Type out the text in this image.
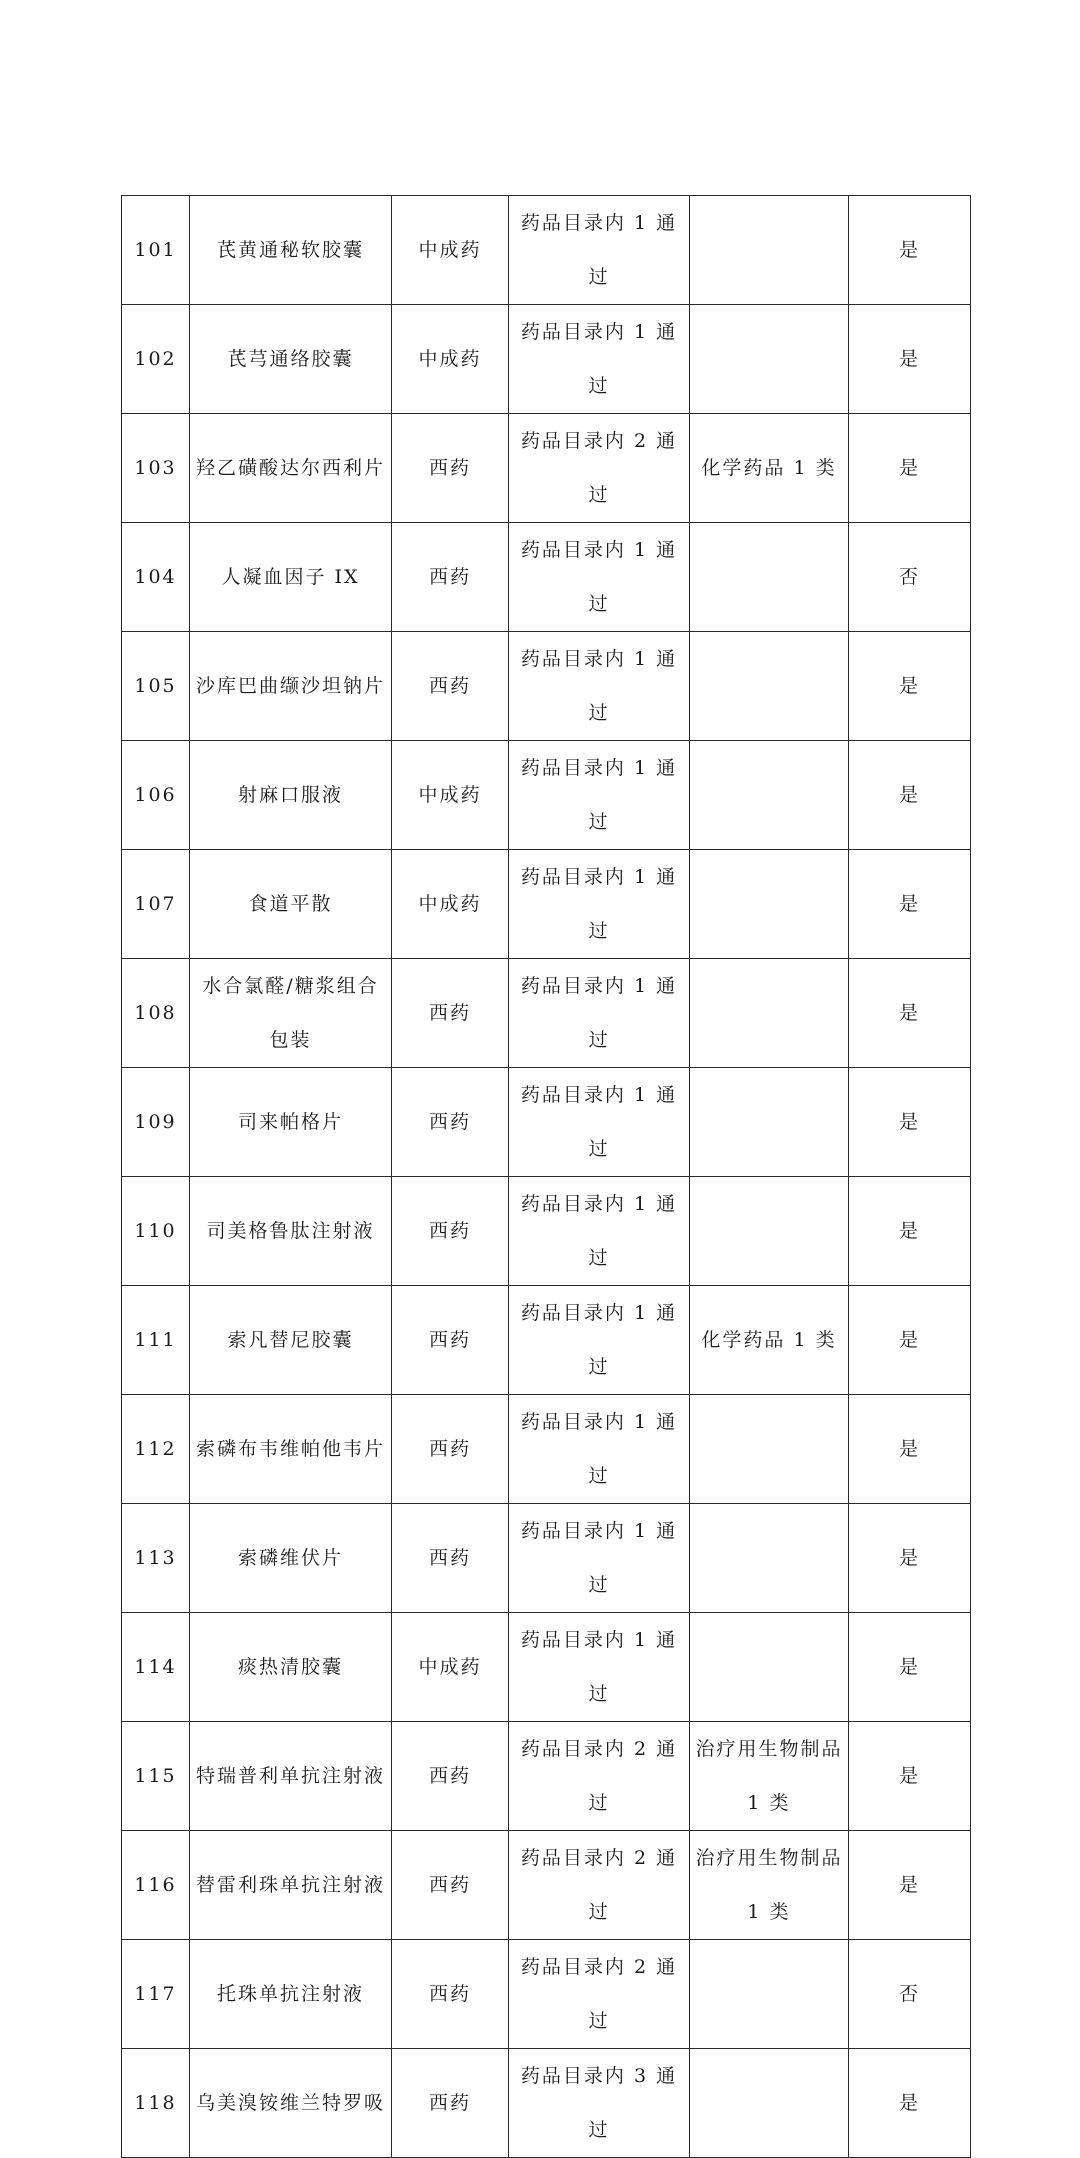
101	芪黄通秘软胶囊	中成药	药品目录内 1 通过		是
102	芪芎通络胶囊	中成药	药品目录内 1 通过		是
103	羟乙磺酸达尔西利片	西药	药品目录内 2 通过	化学药品 1 类	是
104	人凝血因子 IX	西药	药品目录内 1 通过		否
105	沙库巴曲缬沙坦钠片	西药	药品目录内 1 通过		是
106	射麻口服液	中成药	药品目录内 1 通过		是
107	食道平散	中成药	药品目录内 1 通过		是
108	水合氯醛/糖浆组合包装	西药	药品目录内 1 通过		是
109	司来帕格片	西药	药品目录内 1 通过		是
110	司美格鲁肽注射液	西药	药品目录内 1 通过		是
111	索凡替尼胶囊	西药	药品目录内 1 通过	化学药品 1 类	是
112	索磷布韦维帕他韦片	西药	药品目录内 1 通过		是
113	索磷维伏片	西药	药品目录内 1 通过		是
114	痰热清胶囊	中成药	药品目录内 1 通过		是
115	特瑞普利单抗注射液	西药	药品目录内 2 通过	治疗用生物制品 1 类	是
116	替雷利珠单抗注射液	西药	药品目录内 2 通过	治疗用生物制品 1 类	是
117	托珠单抗注射液	西药	药品目录内 2 通过		否
118	乌美溴铵维兰特罗吸	西药	药品目录内 3 通过		是
